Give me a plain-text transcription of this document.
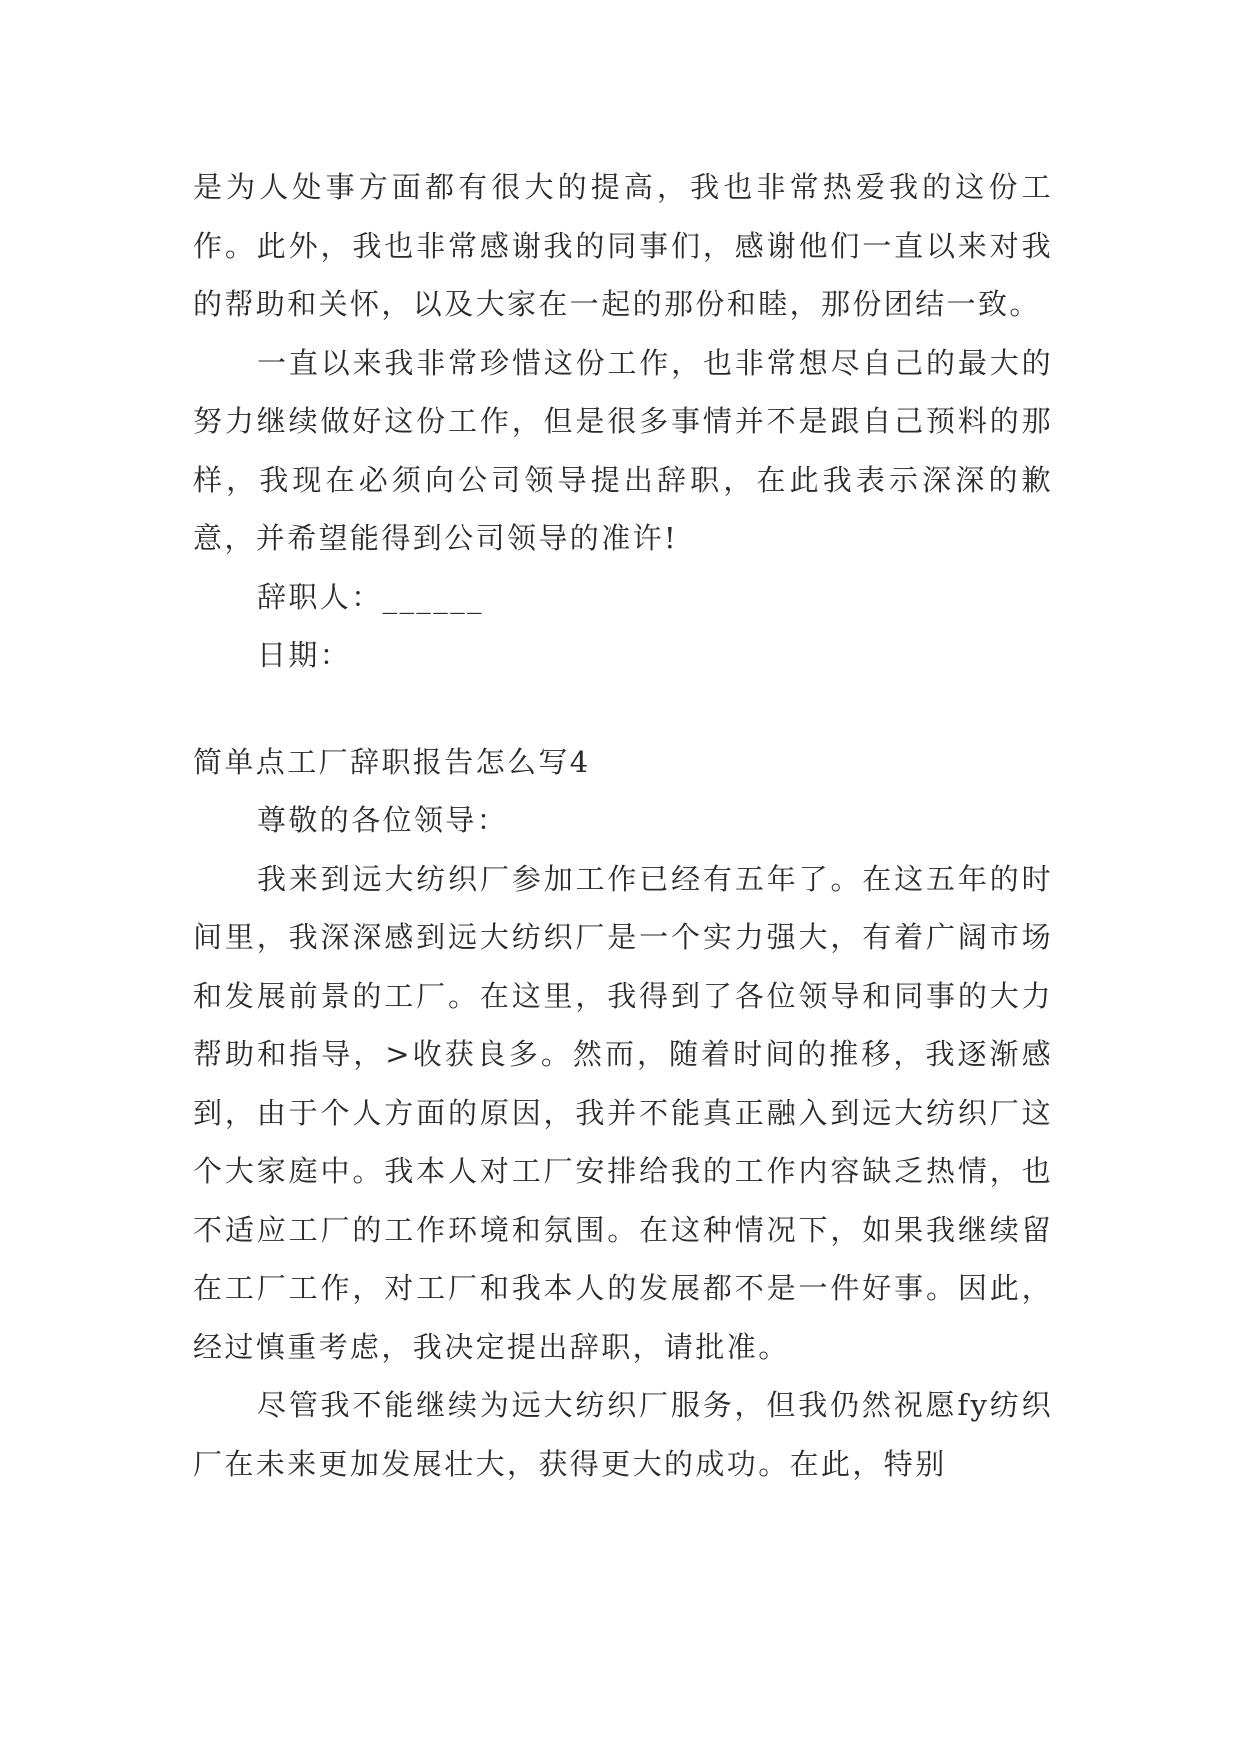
是为人处事方面都有很大的提高，我也非常热爱我的这份工作。此外，我也非常感谢我的同事们，感谢他们一直以来对我的帮助和关怀，以及大家在一起的那份和睦，那份团结一致。

一直以来我非常珍惜这份工作，也非常想尽自己的最大的努力继续做好这份工作，但是很多事情并不是跟自己预料的那样，我现在必须向公司领导提出辞职，在此我表示深深的歉意，并希望能得到公司领导的准许!

辞职人：______

日期：

简单点工厂辞职报告怎么写4

尊敬的各位领导：

我来到远大纺织厂参加工作已经有五年了。在这五年的时间里，我深深感到远大纺织厂是一个实力强大，有着广阔市场和发展前景的工厂。在这里，我得到了各位领导和同事的大力帮助和指导，>收获良多。然而，随着时间的推移，我逐渐感到，由于个人方面的原因，我并不能真正融入到远大纺织厂这个大家庭中。我本人对工厂安排给我的工作内容缺乏热情，也不适应工厂的工作环境和氛围。在这种情况下，如果我继续留在工厂工作，对工厂和我本人的发展都不是一件好事。因此，经过慎重考虑，我决定提出辞职，请批准。

尽管我不能继续为远大纺织厂服务，但我仍然祝愿fy纺织厂在未来更加发展壮大，获得更大的成功。在此，特别
